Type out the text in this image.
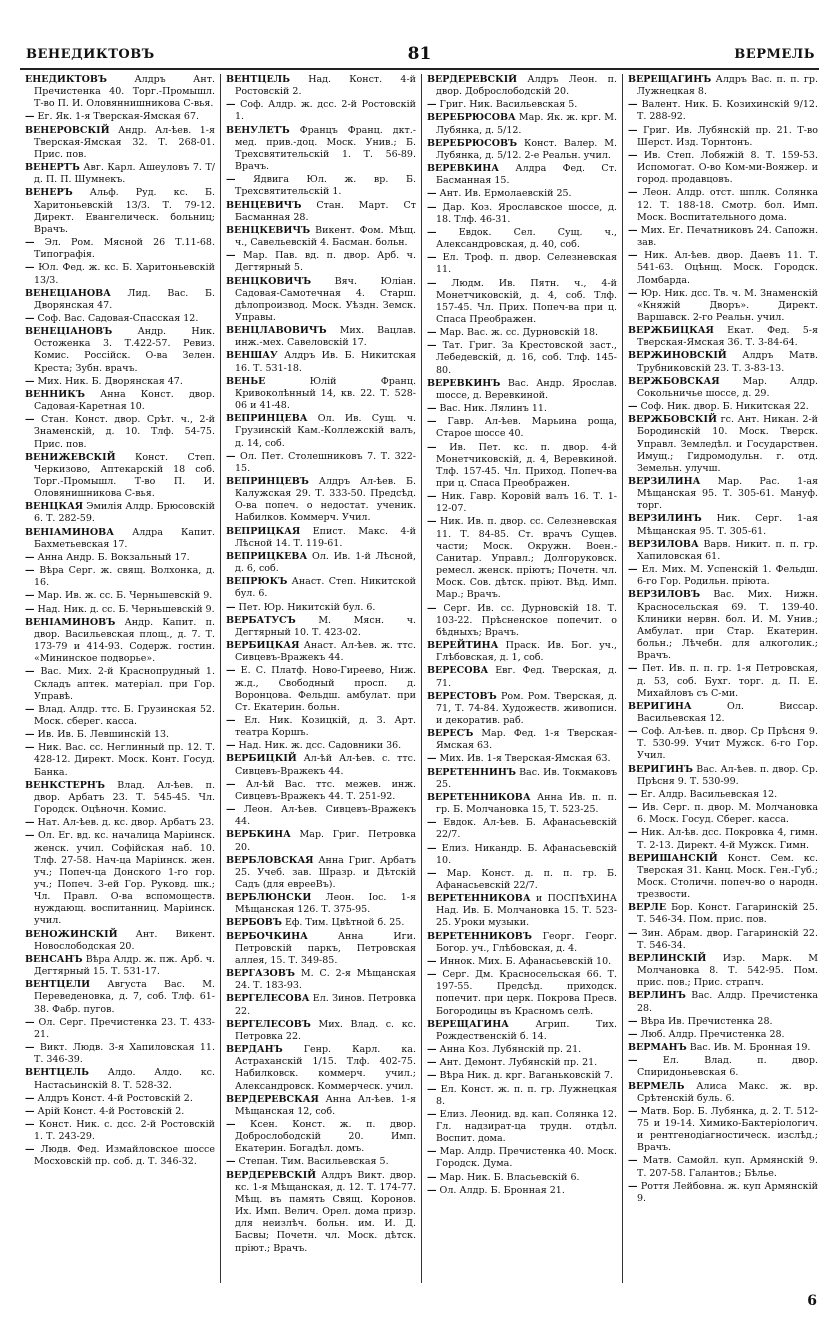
ВЕНЕДИКТОВЪ	81	ВЕРМЕЛЬ
ЕНЕДИКТОВЪ	Алдръ Ант. Пречистенка 40. Торг.-Промышл. Т-во П. И. Оловяннишникова С-вья.
— Ег. Як. 1-я Тверская-Ямская 67.
ВЕНЕРОВСКІЙ Андр. Ал-ѣев. 1-я Тверская-Ямская 32. Т. 268-01. Прис. пов.
ВЕНЕРТЪ Авг. Карл. Ашеуловъ 7. Т/д. П. П. Шумнекъ.
ВЕНЕРЪ Альф. Руд. кс. Б. Харитоньевскій 13/3. Т. 79-12. Директ. Евангелическ. больниц; Врачъ.
— Эл. Ром. Мясной 26 Т.11-68. Типографія.
— Юл. Фед. ж. кс. Б. Харитоньевскій 13/3.
ВЕНЕЦІАНОВА Лид. Вас. Б. Дворянская 47.
— Соф. Вас. Садовая-Спасская 12.
ВЕНЕЦІАНОВЪ	Андр. Ник. Остоженка 3. Т.422-57. Ревиз. Комис. Россійск. О-ва Зелен. Креста; Зубн. врачъ.
— Мих. Ник. Б. Дворянская 47.
ВЕННИКЪ Анна Конст. двор. Садовая-Каретная 10.
— Стан. Конст. двор. Срѣт. ч., 2-й Знаменскій, д. 10. Тлф. 54-75. Прис. пов.
ВЕНИЖЕВСКІЙ Конст. Степ. Черкизово, Аптекарскій 18 соб. Торг.-Промышл. Т-во П. И. Оловянишникова С-вья.
ВЕНЦКАЯ Эмилія Алдр. Брюсовскій 6. Т. 282-59.
ВЕНІАМИНОВА Алдра Капит. Бахметьевская 17.
— Анна Андр. Б. Вокзальный 17.
— Вѣра Серг. ж. свящ. Волхонка, д. 16.
— Мар. Ив. ж. сс. Б. Черньшевскій 9.
— Над. Ник. д. сс. Б. Черньшевскій 9.
ВЕНІАМИНОВЪ Андр. Капит. п. двор. Васильевская площ., д. 7. Т. 173-79 и 414-93. Содерж. гостин. «Мининское подворье».
— Вас. Мих. 2-й Краснопрудный 1. Складъ аптек. матеріал. при Гор. Управѣ.
— Влад. Алдр. ттс. Б. Грузинская 52. Моск. сберег. касса.
— Ив. Ив. Б. Левшинскій 13.
— Ник. Вас. сс. Неглинный пр. 12. Т. 428-12. Директ. Моск. Конт. Госуд. Банка.
ВЕНКСТЕРНЪ Влад. Ал-ѣев. п. двор. Арбатъ 23. Т. 545-45. Чл. Городск. Оцѣночн. Комис.
— Нат. Ал-ѣев. д. кс. двор. Арбатъ 23.
— Ол. Ег. вд. кс. началица Маріинск. женск. учил. Софійская наб. 10. Тлф. 27-58. Нач-ца Маріинск. жен. уч.; Попеч-ца Донского 1-го гор. уч.; Попеч. 3-ей Гор. Руковд. шк.; Чл. Правл. О-ва вспомоществ. нуждающ. воспитанниц. Маріинск. учил.
ВЕНОЖИНСКІЙ Ант. Викент. Новослободская 20.
ВЕНСАНЪ Вѣра Алдр. ж. пж. Арб. ч. Дегтярный 15. Т. 531-17.
ВЕНТЦЕЛИ Августа Вас. М. Переведеновка, д. 7, соб. Тлф. 61-38. Фабр. пугов.
— Ол. Серг. Пречистенка 23. Т. 433-21.
— Викт. Людв. 3-я Хапиловская 11. Т. 346-39.
ВЕНТЦЕЛЬ Алдо. Алдо. кс. Настасьинскій 8. Т. 528-32.
— Алдръ Конст. 4-й Ростовскій 2.
— Арій Конст. 4-й Ростовскій 2.
— Конст. Ник. с. дсс. 2-й Ростовскій 1. Т. 243-29.
— Людв. Фед. Измайловское шоссе Мосховскій пр. соб. д. Т. 346-32.
ВЕНТЦЕЛЬ Над. Конст. 4-й Ростовскій 2.
— Соф. Алдр. ж. дсс. 2-й Ростовскій 1.
ВЕНУЛЕТЪ Францъ Франц. дкт.-мед. прив.-доц. Моск. Унив.; Б. Трехсвятительскій 1. Т. 56-89. Врачъ.
— Ядвига Юл. ж. вр. Б. Трехсвятительскій 1.
ВЕНЦЕВИЧЪ Стан. Март. Ст Басманная 28.
ВЕНЦКЕВИЧЪ Викент. Фом. Мѣщ. ч., Савельевскій 4. Басман. больн.
— Мар. Пав. вд. п. двор. Арб. ч. Дегтярный 5.
ВЕНЦКОВИЧЪ Вяч. Юліан. Садовая-Самотечная 4. Старш. дѣлопроизвод. Моск. Уѣздн. Земск. Управы.
ВЕНЦЛАВОВИЧЪ Мих. Вацлав. инж.-мех. Савеловскій 17.
ВЕНШАУ Алдръ Ив. Б. Никитская 16. Т. 531-18.
ВЕНЬЕ	Юлій Франц. Кривоколѣнный 14, кв. 22. Т. 528-06 и 41-48.
ВЕПРИНЦЕВА Ол. Ив. Сущ. ч. Грузинскій Кам.-Коллежскій валъ, д. 14, соб.
— Ол. Пет. Столешниковъ 7. Т. 322-15.
ВЕПРИНЦЕВЪ Алдръ Ал-ѣев. Б. Калужская 29. Т. 333-50. Предсѣд. О-ва попеч. о недостат. ученик. Набилков. Коммерч. Учил.
ВЕПРИЦКАЯ Епист. Макс. 4-й Лѣсной 14. Т. 119-61.
ВЕПРИЦКЕВА Ол. Ив. 1-й Лѣсной, д. 6, соб.
ВЕПРЮКЪ Анаст. Степ. Никитской бул. 6.
— Пет. Юр. Никитскій бул. 6.
ВЕРБАТУСЪ М. Мясн. ч. Дегтярный 10. Т. 423-02.
ВЕРБИЦКАЯ Анаст. Ал-ѣев. ж. ттс. Сивцевъ-Вражекъ 44.
— Е. С. Платф. Ново-Гиреево, Ниж. ж.д., Свободный просп. д. Воронцова. Фельдш. амбулат. при Ст. Екатерин. больн.
— Ел. Ник. Козицкій, д. 3. Арт. театра Коршъ.
— Над. Ник. ж. дсс. Садовники 36.
ВЕРБИЦКІЙ Ал-ѣй Ал-ѣев. с. ттс. Сивцевъ-Вражекъ 44.
— Ал-ѣй Вас. ттс. межев. инж. Сивцевъ-Вражекъ 44. Т. 251-92.
— Леон. Ал-ѣев. Сивцевъ-Вражекъ 44.
ВЕРБКИНА Мар. Григ. Петровка 20.
ВЕРБЛОВСКАЯ Анна Григ. Арбатъ 25. Учеб. зав. Шразр. и Дѣтскій Садъ (для еврееВъ).
ВЕРБЛЮНСКИ Леон. Іос. 1-я Мѣщанская 126. Т. 375-95.
ВЕРБОВЪ Еф. Тим. Цвѣтной б. 25.
ВЕРБОЧКИНА	Анна Иги. Петровскій паркъ, Петровская аллея, 15. Т. 349-85.
ВЕРГАЗОВЪ М. С. 2-я Мѣщанская 24. Т. 183-93.
ВЕРГЕЛЕСОВА Ел. Зинов. Петровка 22.
ВЕРГЕЛЕСОВЪ Мих. Влад. с. кс. Петровка 22.
ВЕРДАНЪ Генр. Карл. ка. Астраханскій 1/15. Тлф. 402-75. Набилковск. коммерч. учил.; Александровск. Коммерческ. учил.
ВЕРДЕРЕВСКАЯ Анна Ал-ѣев. 1-я Мѣщанская 12, соб.
— Ксен. Конст. ж. п. двор. Доброслободскій 20. Имп. Екатерин. Богадѣл. домъ.
— Степан. Тим. Васильевская 5.
ВЕРДЕРЕВСКІЙ Алдръ Викт. двор. кс. 1-я Мѣщанская, д. 12. Т. 174-77. Мѣщ. въ память Свящ. Коронов. Их. Имп. Велич. Орел. дома призр. для неизлѣч. больн. им. И. Д. Басвы; Почетн. чл. Моск. дѣтск. пріют.; Врачъ.
ВЕРДЕРЕВСКІЙ Алдръ Леон. п. двор. Доброслободскій 20.
— Григ. Ник. Васильевская 5.
ВЕРЕБРЮСОВА Мар. Як. ж. крг. М. Лубянка, д. 5/12.
ВЕРЕБРЮСОВЪ Конст. Валер. М. Лубянка, д. 5/12. 2-е Реальн. учил.
ВЕРЕВКИНА Алдра Фед. Ст. Басманная 15.
— Ант. Ив. Ермолаевскій 25.
— Дар. Коз. Ярославское шоссе, д. 18. Тлф. 46-31.
— Евдок. Сел. Сущ. ч., Александровская, д. 40, соб.
— Ел. Троф. п. двор. Селезневская 11.
— Людм. Ив. Пятн. ч., 4-й Монетчиковскій, д. 4, соб. Тлф. 157-45. Чл. Прих. Попеч-ва при ц. Спаса Преображен.
— Мар. Вас. ж. сс. Дурновскій 18.
— Тат. Григ. За Крестовской заст., Лебедевскій, д. 16, соб. Тлф. 145-80.
ВЕРЕВКИНЪ Вас. Андр. Ярослав. шоссе, д. Веревкиной.
— Вас. Ник. Лялинъ 11.
— Гавр. Ал-ѣев. Марьина роща, Старое шоссе 40.
— Ив. Пет. кс. п. двор. 4-й Монетчиковскій, д. 4, Веревкиной. Тлф. 157-45. Чл. Приход. Попеч-ва при ц. Спаса Преображен.
— Ник. Гавр. Коровій валъ 16. Т. 1-12-07.
— Ник. Ив. п. двор. сс. Селезневская 11. Т. 84-85. Ст. врачъ Сущев. части; Моск. Окружн. Воен.-Санитар. Управл.; Долгоруковск. ремесл. женск. пріютъ; Почетн. чл. Моск. Сов. дѣтск. пріют. Вѣд. Имп. Мар.; Врачъ.
— Серг. Ив. сс. Дурновскій 18. Т. 103-22. Прѣсненское попечит. о бѣдныхъ; Врачъ.
ВЕРЕЙТИНА Праск. Ив. Бог. уч., Глѣбовская, д. 1, соб.
ВЕРЕСОВА Евг. Фед. Тверская, д. 71.
ВЕРЕСТОВЪ Ром. Ром. Тверская, д. 71, Т. 74-84. Художеств. живописн. и декоратив. раб.
ВЕРЕСЪ Мар. Фед. 1-я Тверская-Ямская 63.
— Мих. Ив. 1-я Тверская-Ямская 63.
ВЕРЕТЕННИНЪ Вас. Ив. Токмаковъ 25.
ВЕРЕТЕННИКОВА Анна Ив. п. п. гр. Б. Молчановка 15, Т. 523-25.
— Евдок. Ал-ѣев. Б. Афанасьевскій 22/7.
— Елиз. Никандр. Б. Афанасьевскій 10.
— Мар. Конст. д. п. п. гр. Б. Афанасьевскій 22/7.
ВЕРЕТЕННИКОВА и ПОСПѢХИНА Над. Ив. Б. Молчановка 15. Т. 523-25. Уроки музыки.
ВЕРЕТЕННИКОВЪ Георг. Георг. Богор. уч., Глѣбовская, д. 4.
— Иннок. Мих. Б. Афанасьевскій 10.
— Серг. Дм. Красносельская 66. Т. 197-55. Предсѣд. приходск. попечит. при церк. Покрова Пресв. Богородицы въ Красномъ селѣ.
ВЕРЕЩАГИНА	Агрип. Тих. Рождественскій б. 14.
— Анна Коз. Лубянскій пр. 21.
— Ант. Демонт. Лубянскій пр. 21.
— Вѣра Ник. д. крг. Ваганьковскій 7.
— Ел. Конст. ж. п. п. гр. Лужнецкая 8.
— Елиз. Леонид. вд. кап. Солянка 12. Гл. надзират-ца трудн. отдѣл. Воспит. дома.
— Мар. Алдр. Пречистенка 40. Моск. Городск. Дума.
— Мар. Ник. Б. Власьевскій 6.
— Ол. Алдр. Б. Бронная 21.
ВЕРЕЩАГИНЪ Алдръ Вас. п. п. гр. Лужнецкая 8.
— Валент. Ник. Б. Козихинскій 9/12. Т. 288-92.
— Григ. Ив. Лубянскій пр. 21. Т-во Шерст. Изд. Торнтонъ.
— Ив. Степ. Лобяжій 8. Т. 159-53. Испомогат. О-во Ком-ми-Вояжер. и город. продавцовъ.
— Леон. Алдр. отст. шплк. Солянка 12. Т. 188-18. Смотр. бол. Имп. Моск. Воспитательного дома.
— Мих. Ег. Печатниковъ 24. Сапожн. зав.
— Ник. Ал-ѣев. двор. Даевъ 11. Т. 541-63. Оцѣнщ. Моск. Городск. Ломбарда.
— Юр. Ник. дсс. Тв. ч. М. Знаменскій «Княжій Дворъ». Директ. Варшавск. 2-го Реальн. учил.
ВЕРЖБИЦКАЯ Екат. Фед. 5-я Тверская-Ямская 36. Т. 3-84-64.
ВЕРЖИНОВСКІЙ Алдръ Матв. Трубниковскій 23. Т. 3-83-13.
ВЕРЖБОВСКАЯ Мар. Алдр. Сокольничье шоссе, д. 29.
— Соф. Ник. двор. Б. Никитская 22.
ВЕРЖБОВСКІЙ гс. Ант. Никан. 2-й Бородинскій 10. Моск. Тверск. Управл. Земледѣл. и Государствен. Имущ.; Гидромодульн. г. отд. Земельн. улучш.
ВЕРЗИЛИНА Мар. Рас. 1-ая Мѣщанская 95. Т. 305-61. Мануф. торг.
ВЕРЗИЛИНЪ Ник. Серг. 1-ая Мѣщанская 95. Т. 305-61.
ВЕРЗИЛОВА Варв. Никит. п. п. гр. Хапиловская 61.
— Ел. Мих. М. Успенскій 1. Фельдш. 6-го Гор. Родильн. пріюта.
ВЕРЗИЛОВЪ Вас. Мих. Нижн. Красносельская 69. Т. 139-40. Клиники нервн. бол. И. М. Унив.; Амбулат. при Стар. Екатерин. больн.; Лѣчебн. для алкоголик.; Врачъ.
— Пет. Ив. п. п. гр. 1-я Петровская, д. 53, соб. Бухг. торг. д. П. Е. Михайловъ съ С-ми.
ВЕРИГИНА	Ол. Виссар. Васильевская 12.
— Соф. Ал-ѣев. п. двор. Ср Прѣсня 9. Т. 530-99. Учит Мужск. 6-го Гор. Учил.
ВЕРИГИНЪ Вас. Ал-ѣев. п. двор. Ср. Прѣсня 9. Т. 530-99.
— Ег. Алдр. Васильевская 12.
— Ив. Серг. п. двор. М. Молчановка 6. Моск. Госуд. Сберег. касса.
— Ник. Ал-ѣв. дсс. Покровка 4, гимн. Т. 2-13. Директ. 4-й Мужск. Гимн.
ВЕРИШАНСКІЙ Конст. Сем. кс. Тверская 31. Канц. Моск. Ген.-Губ.; Моск. Столичн. попеч-во о народн. трезвости.
ВЕРЛЕ Бор. Конст. Гагаринскій 25. Т. 546-34. Пом. прис. пов.
— Зин. Абрам. двор. Гагаринскій 22. Т. 546-34.
ВЕРЛИНСКІЙ Изр. Марк. М Молчановка 8. Т. 542-95. Пом. прис. пов.; Прис. страпч.
ВЕРЛИНЪ Вас. Алдр. Пречистенка 28.
— Вѣра Ив. Пречистенка 28.
— Люб. Алдр. Пречистенка 28.
ВЕРМАНЪ Вас. Ив. М. Бронная 19.
—	Ел. Влад. п. двор. Спиридоньевская 6.
ВЕРМЕЛЬ Алиса Макс. ж. вр. Срѣтенскій буль. 6.
— Матв. Бор. Б. Лубянка, д. 2. Т. 512-75 и 19-14. Химико-Бактеріологич. и рентгенодіагностическ. изслѣд.; Врачъ.
— Матв. Самойл. куп. Армянскій 9. Т. 207-58. Галантов.; Бѣлье.
— Роття Лейбовна. ж. куп Армянскій 9.
6
